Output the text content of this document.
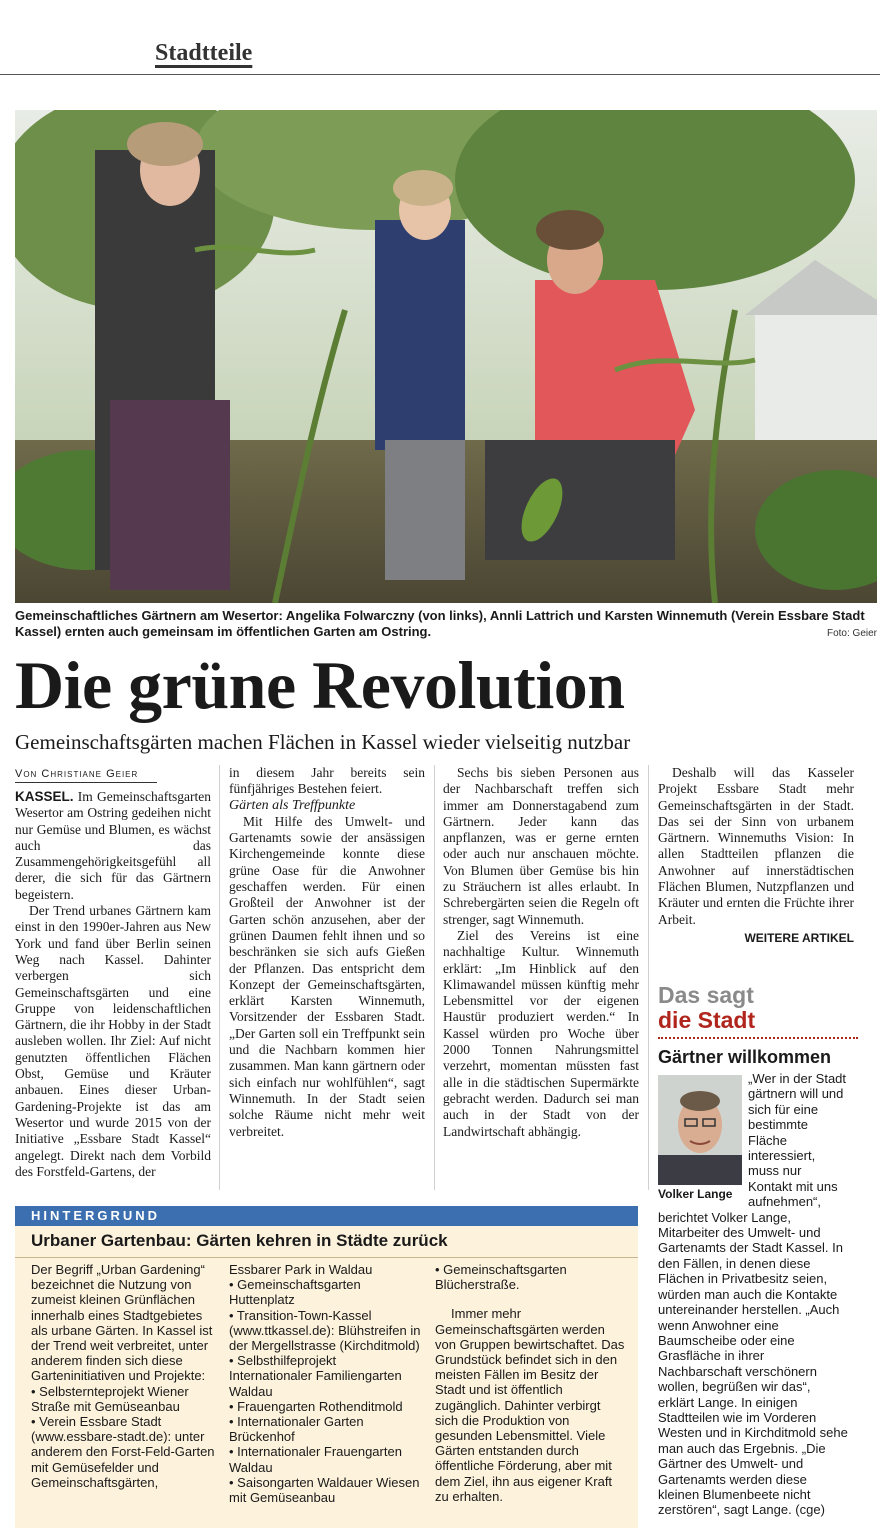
Stadtteile
Gemeinschaftliches Gärtnern am Wesertor: Angelika Folwarczny (von links), Annli Lattrich und Karsten Winnemuth (Verein Essbare Stadt Kassel) ernten auch gemeinsam im öffentlichen Garten am Ostring.	Foto: Geier
Die grüne Revolution
Gemeinschaftsgärten machen Flächen in Kassel wieder vielseitig nutzbar
Von Christiane Geier

KASSEL. Im Gemeinschaftsgarten Wesertor am Ostring gedeihen nicht nur Gemüse und Blumen, es wächst auch das Zusammengehörigkeitsgefühl all derer, die sich für das Gärtnern begeistern.

Der Trend urbanes Gärtnern kam einst in den 1990er-Jahren aus New York und fand über Berlin seinen Weg nach Kassel. Dahinter verbergen sich Gemeinschaftsgärten und eine Gruppe von leidenschaftlichen Gärtnern, die ihr Hobby in der Stadt ausleben wollen. Ihr Ziel: Auf nicht genutzten öffentlichen Flächen Obst, Gemüse und Kräuter anbauen. Eines dieser Urban-Gardening-Projekte ist das am Wesertor und wurde 2015 von der Initiative „Essbare Stadt Kassel“ angelegt. Direkt nach dem Vorbild des Forstfeld-Gartens, der

in diesem Jahr bereits sein fünfjähriges Bestehen feiert.

Gärten als Treffpunkte

Mit Hilfe des Umwelt- und Gartenamts sowie der ansässigen Kirchengemeinde konnte diese grüne Oase für die Anwohner geschaffen werden. Für einen Großteil der Anwohner ist der Garten schön anzusehen, aber der grünen Daumen fehlt ihnen und so beschränken sie sich aufs Gießen der Pflanzen. Das entspricht dem Konzept der Gemeinschaftsgärten, erklärt Karsten Winnemuth, Vorsitzender der Essbaren Stadt. „Der Garten soll ein Treffpunkt sein und die Nachbarn kommen hier zusammen. Man kann gärtnern oder sich einfach nur wohlfühlen“, sagt Winnemuth. In der Stadt seien solche Räume nicht mehr weit verbreitet.

Sechs bis sieben Personen aus der Nachbarschaft treffen sich immer am Donnerstagabend zum Gärtnern. Jeder kann das anpflanzen, was er gerne ernten oder auch nur anschauen möchte. Von Blumen über Gemüse bis hin zu Sträuchern ist alles erlaubt. In Schrebergärten seien die Regeln oft strenger, sagt Winnemuth.

Ziel des Vereins ist eine nachhaltige Kultur. Winnemuth erklärt: „Im Hinblick auf den Klimawandel müssen künftig mehr Lebensmittel vor der eigenen Haustür produziert werden.“ In Kassel würden pro Woche über 2000 Tonnen Nahrungsmittel verzehrt, momentan müssten fast alle in die städtischen Supermärkte gebracht werden. Dadurch sei man auch in der Stadt von der Landwirtschaft abhängig.

Deshalb will das Kasseler Projekt Essbare Stadt mehr Gemeinschaftsgärten in der Stadt. Das sei der Sinn von urbanem Gärtnern. Winnemuths Vision: In allen Stadtteilen pflanzen die Anwohner auf innerstädtischen Flächen Blumen, Nutzpflanzen und Kräuter und ernten die Früchte ihrer Arbeit.

WEITERE ARTIKEL
HINTERGRUND
Urbaner Gartenbau: Gärten kehren in Städte zurück

Der Begriff „Urban Gardening“ bezeichnet die Nutzung von zumeist kleinen Grünflächen innerhalb eines Stadtgebietes als urbane Gärten. In Kassel ist der Trend weit verbreitet, unter anderem finden sich diese Garteninitiativen und Projekte:

• Selbsternteprojekt Wiener Straße mit Gemüseanbau
• Verein Essbare Stadt (www.essbare-stadt.de): unter anderem den Forst-Feld-Garten mit Gemüsefelder und Gemeinschaftsgärten,
Essbarer Park in Waldau
• Gemeinschaftsgarten Huttenplatz
• Transition-Town-Kassel (www.ttkassel.de): Blühstreifen in der Mergellstrasse (Kirchditmold)
• Selbsthilfeprojekt Internationaler Familiengarten Waldau
• Frauengarten Rothenditmold
• Internationaler Garten Brückenhof
• Internationaler Frauengarten Waldau
• Saisongarten Waldauer Wiesen mit Gemüseanbau
• Gemeinschaftsgarten Blücherstraße.

Immer mehr Gemeinschaftsgärten werden von Gruppen bewirtschaftet. Das Grundstück befindet sich in den meisten Fällen im Besitz der Stadt und ist öffentlich zugänglich. Dahinter verbirgt sich die Produktion von gesunden Lebensmittel. Viele Gärten entstanden durch öffentliche Förderung, aber mit dem Ziel, ihn aus eigener Kraft zu erhalten.

Das sagt
die Stadt
Gärtner willkommen
Volker Lange
„Wer in der Stadt gärtnern will und sich für eine bestimmte Fläche interessiert, muss nur Kontakt mit uns aufnehmen“, berichtet Volker Lange, Mitarbeiter des Umwelt- und Gartenamts der Stadt Kassel. In den Fällen, in denen diese Flächen in Privatbesitz seien, würden man auch die Kontakte untereinander herstellen. „Auch wenn Anwohner eine Baumscheibe oder eine Grasfläche in ihrer Nachbarschaft verschönern wollen, begrüßen wir das“, erklärt Lange. In einigen Stadtteilen wie im Vorderen Westen und in Kirchditmold sehe man auch das Ergebnis. „Die Gärtner des Umwelt- und Gartenamts werden diese kleinen Blumenbeete nicht zerstören“, sagt Lange. (cge)
